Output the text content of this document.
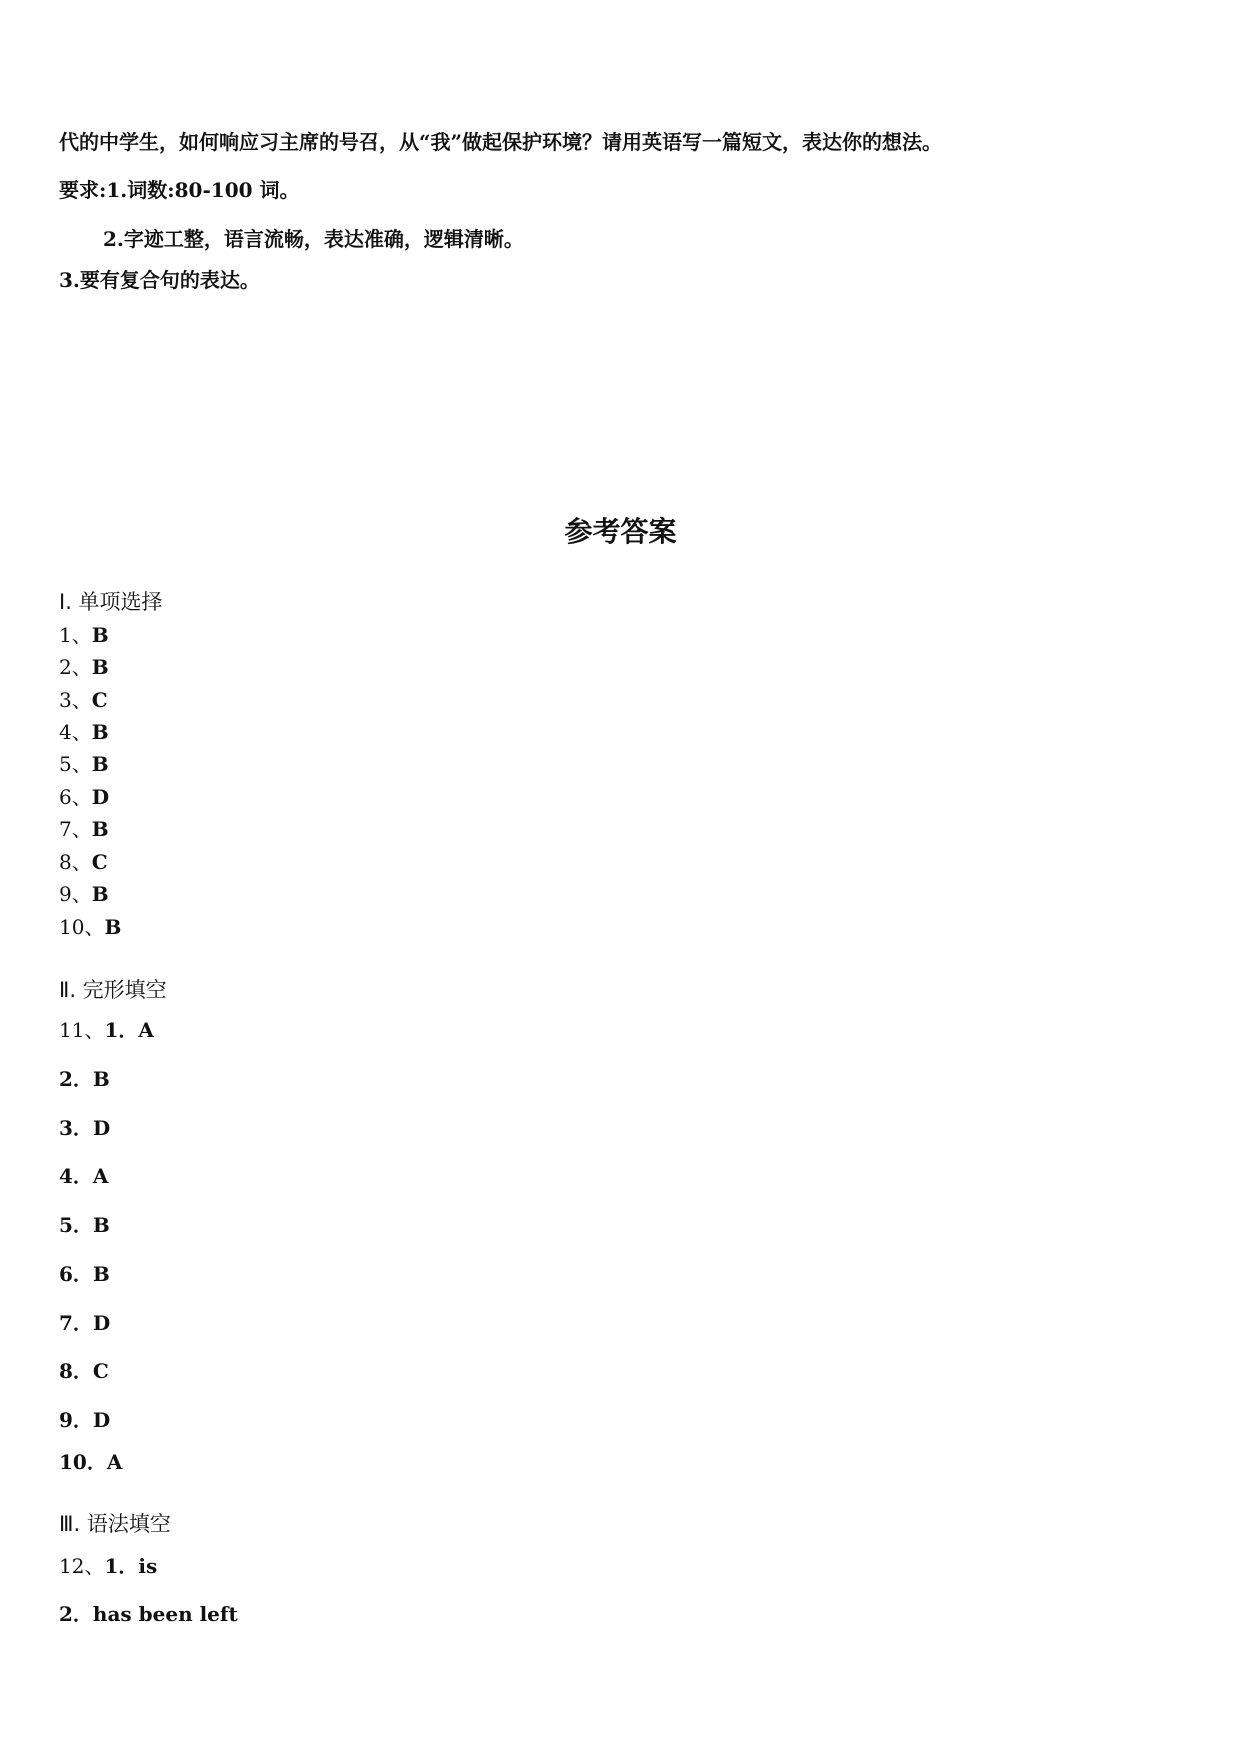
代的中学生，如何响应习主席的号召，从“我”做起保护环境？请用英语写一篇短文，表达你的想法。
要求:1.词数:80-100 词。
2.字迹工整，语言流畅，表达准确，逻辑清晰。
3.要有复合句的表达。
参考答案
Ⅰ. 单项选择
1、B
2、B
3、C
4、B
5、B
6、D
7、B
8、C
9、B
10、B
Ⅱ. 完形填空
11、1．A
2．B
3．D
4．A
5．B
6．B
7．D
8．C
9．D
10．A
Ⅲ. 语法填空
12、1．is
2．has been left
